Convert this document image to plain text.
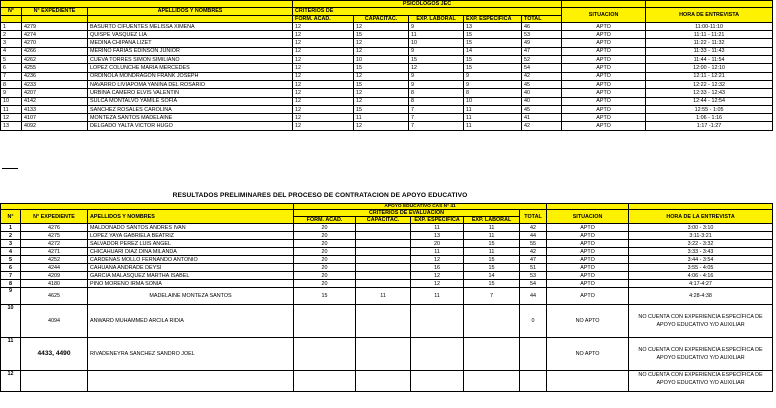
			PSICOLOGOS JEC						
N°	N° EXPEDIENTE	APELLIDOS Y NOMBRES	CRITERIOS DE					SITUACION	HORA DE ENTREVISTA
			FORM. ACAD.	CAPACITAC.	EXP. LABORAL	EXP. ESPECIFICA	TOTAL		

1	4279	BASURTO CIFUENTES MELISSA XIMENA	12	12	9	13	46	APTO	11:00-11:10
2	4274	QUISPE VASQUEZ LIA	12	15	11	15	53	APTO	11:11 - 11:21
3	4270	MEDINA CHIPANA LIZET	12	12	10	15	49	APTO	11:22 - 11:32
4	4266	MERINO FARIAS EDINSON JUNIOR	12	12	9	14	47	APTO	11:33 - 11:43
5	4262	CUEVA TORRES SIMON SIMILIANO	12	10	15	15	52	APTO	11:44 - 11:54
6	4255	LOPEZ COLUNCHE MARIA MERCEDES	12	15	12	15	54	APTO	12:00 - 12:10
7	4236	ORDINOLA MONDRAGON FRANK JOSEPH	12	12	9	9	42	APTO	12:11 - 12:21
8	4233	NAVARRO LIVIAPOMA YANINA DEL ROSARIO	12	15	9	9	45	APTO	12:22 - 12:32
9	4207	URBINA CAMERO ELVIS VALENTIN	12	12	8	8	40	APTO	12:33 - 12:43
10	4142	SULCA MONTALVO YAMILE SOFIA	12	12	8	10	40	APTO	12:44 - 12:54
11	4133	SANCHEZ ROSALES CAROLINA	12	15	7	11	45	APTO	12:55 - 1:05
12	4107	MONTEZA SANTOS MADELAINE	12	11	7	11	41	APTO	1:06 - 1:16
13	4092	DELGADO YALTA VICTOR HUGO	12	12	7	11	42	APTO	1:17 -1:27
RESULTADOS PRELIMINARES DEL PROCESO DE CONTRATACION DE APOYO EDUCATIVO
			APOYO EDUCATIVO CAS N° 41						
N°	N° EXPEDIENTE	APELLIDOS Y NOMBRES	CRITERIOS DE EVALUACIÓN				TOTAL	SITUACION	HORA DE LA ENTREVISTA
			FORM. ACAD.	CAPACITAC.	EXP. ESPECIFICA	EXP. LABORAL			
1	4276	MALDONADO SANTOS ANDRES IVAN	20		11	11	42	APTO	3:00 - 3:10
2	4275	LOPEZ YAYA GABRIELA BEATRIZ	20		13	11	44	APTO	3:11-3:21
3	4272	SALVADOR PEREZ LUIS ANGEL	20		20	15	55	APTO	3:22 - 3:32
4	4271	CHICAHUARI DIAZ DINA MILANDA	20		11	11	42	APTO	3:33 - 3:43
5	4252	CARDENAS MOLLO FERNANDO ANTONIO	20		12	15	47	APTO	3:44 - 3:54
6	4244	CAHUANA ANDRADE DEYSI	20		16	15	51	APTO	3:55 - 4:05
7	4209	GARCIA MALASQUEZ MARTHA ISABEL	20		12	14	53	APTO	4:06 - 4:16
8	4180	PINO MORENO IRMA SONIA	20		12	15	54	APTO	4:17-4:27
9	4625	MADELAINE MONTEZA SANTOS	15	11	11	7	44	APTO	4:28-4:38
10	4094	ANWARD MUHAMMED ARCILA RIDIA					0	NO APTO	NO CUENTA CON EXPERIENCIA ESPECÍFICA DE APOYO EDUCATIVO Y/O AUXILIAR
11	4433, 4490	RIVADENEYRA SANCHEZ SANDRO JOEL						NO APTO	NO CUENTA CON EXPERIENCIA ESPECÍFICA DE APOYO EDUCATIVO Y/O AUXILIAR
12									NO CUENTA CON EXPERIENCIA ESPECÍFICA DE APOYO EDUCATIVO Y/O AUXILIAR
